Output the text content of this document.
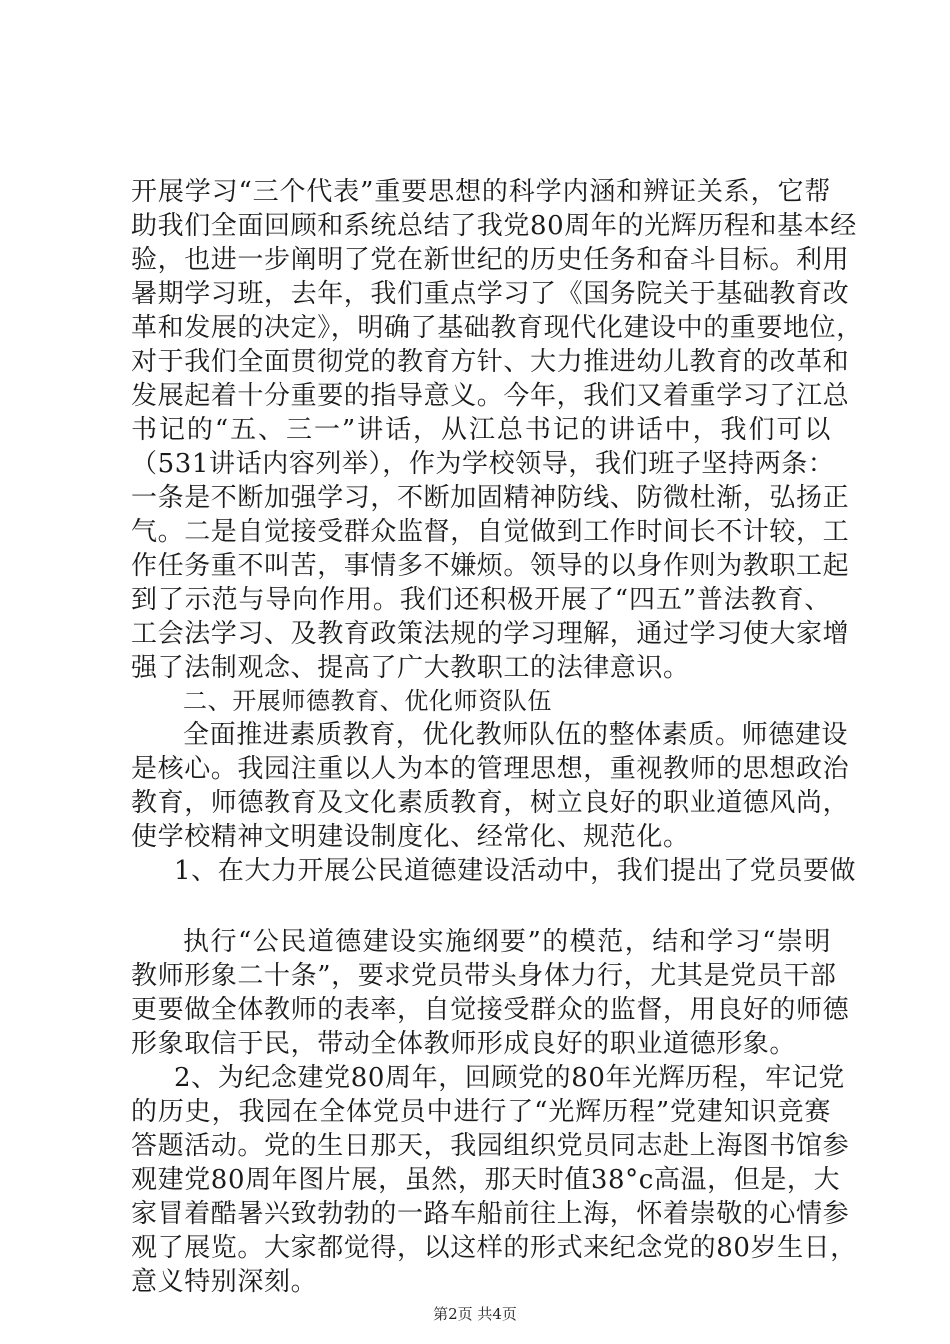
开展学习“三个代表”重要思想的科学内涵和辨证关系，它帮
助我们全面回顾和系统总结了我党80周年的光辉历程和基本经
验，也进一步阐明了党在新世纪的历史任务和奋斗目标。利用
暑期学习班，去年，我们重点学习了《国务院关于基础教育改
革和发展的决定》，明确了基础教育现代化建设中的重要地位，
对于我们全面贯彻党的教育方针、大力推进幼儿教育的改革和
发展起着十分重要的指导意义。今年，我们又着重学习了江总
书记的“五、三一”讲话，从江总书记的讲话中，我们可以
（531讲话内容列举），作为学校领导，我们班子坚持两条：
一条是不断加强学习，不断加固精神防线、防微杜渐，弘扬正
气。二是自觉接受群众监督，自觉做到工作时间长不计较，工
作任务重不叫苦，事情多不嫌烦。领导的以身作则为教职工起
到了示范与导向作用。我们还积极开展了“四五”普法教育、
工会法学习、及教育政策法规的学习理解，通过学习使大家增
强了法制观念、提高了广大教职工的法律意识。
二、开展师德教育、优化师资队伍
全面推进素质教育，优化教师队伍的整体素质。师德建设
是核心。我园注重以人为本的管理思想，重视教师的思想政治
教育，师德教育及文化素质教育，树立良好的职业道德风尚，
使学校精神文明建设制度化、经常化、规范化。
1、在大力开展公民道德建设活动中，我们提出了党员要做
执行“公民道德建设实施纲要”的模范，结和学习“崇明
教师形象二十条”，要求党员带头身体力行，尤其是党员干部
更要做全体教师的表率，自觉接受群众的监督，用良好的师德
形象取信于民，带动全体教师形成良好的职业道德形象。
2、为纪念建党80周年，回顾党的80年光辉历程，牢记党
的历史，我园在全体党员中进行了“光辉历程”党建知识竞赛
答题活动。党的生日那天，我园组织党员同志赴上海图书馆参
观建党80周年图片展，虽然，那天时值38°c高温，但是，大
家冒着酷暑兴致勃勃的一路车船前往上海，怀着崇敬的心情参
观了展览。大家都觉得，以这样的形式来纪念党的80岁生日，
意义特别深刻。
第2页 共4页
